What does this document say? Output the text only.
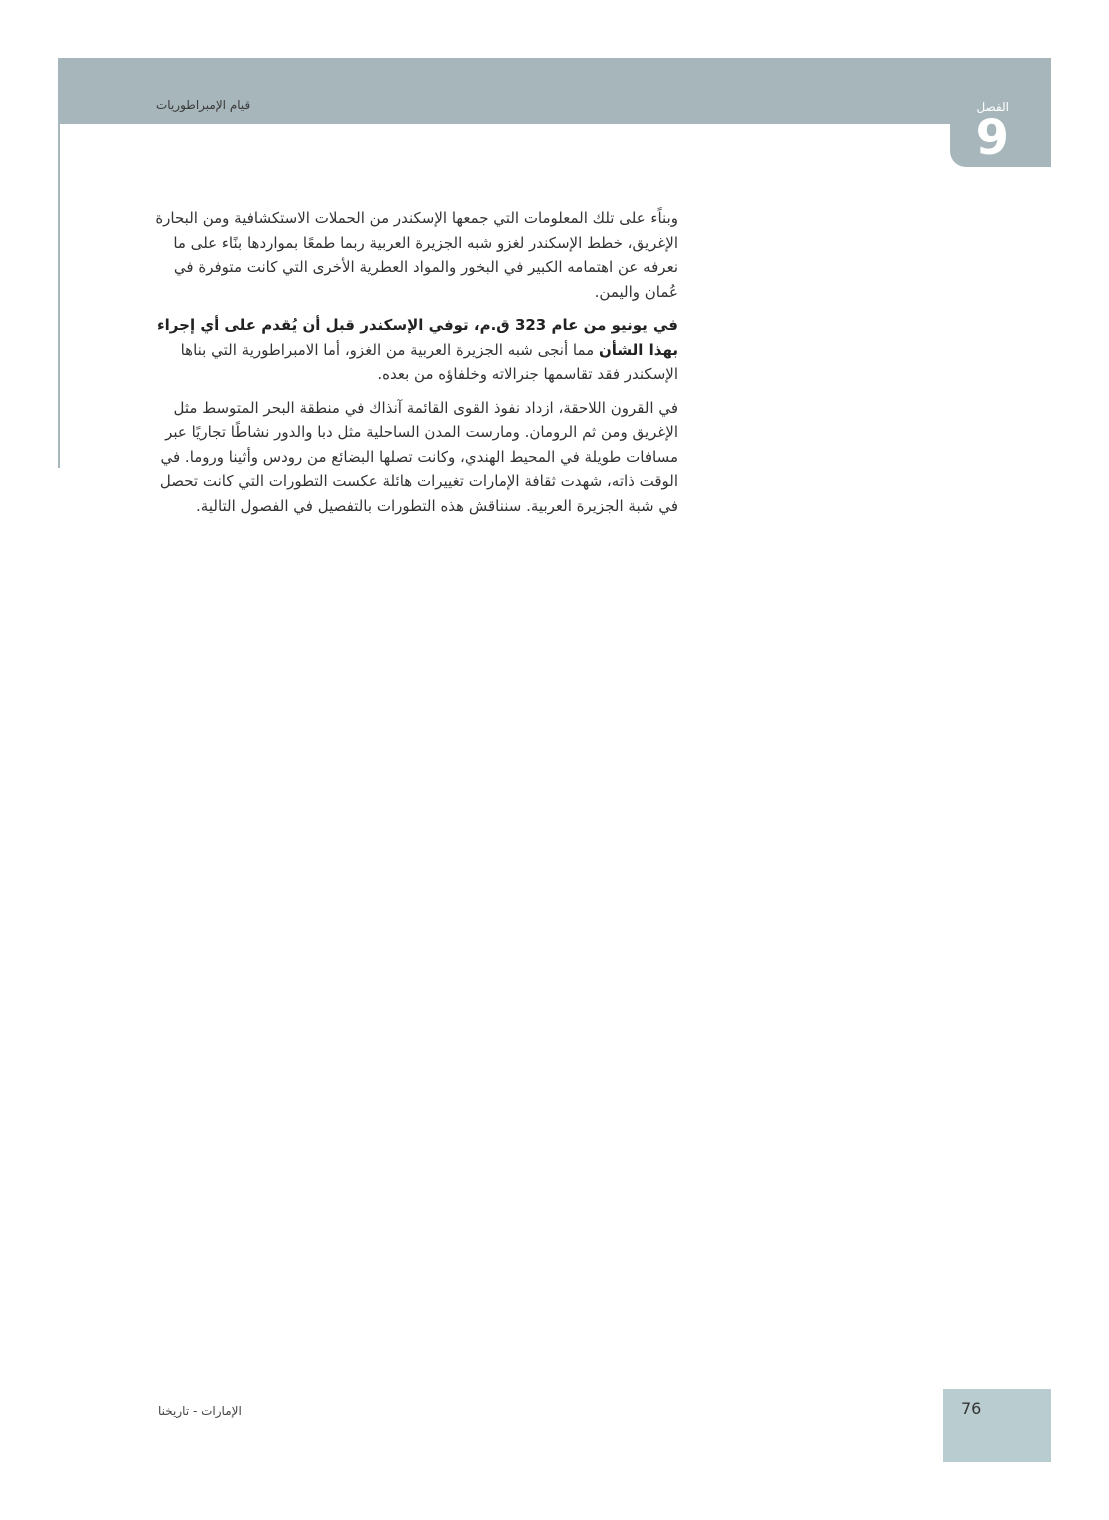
قيام الإمبراطوريات	الفصل
9

وبناًء على تلك المعلومات التي جمعها الإسكندر من الحملات الاستكشافية ومن البحارة الإغريق، خطط الإسكندر لغزو شبه الجزيرة العربية ربما طمعًا بمواردها بنًاء على ما نعرفه عن اهتمامه الكبير في البخور والمواد العطرية الأخرى التي كانت متوفرة في عُمان واليمن.

في يونيو من عام 323 ق.م، توفي الإسكندر قبل أن يُقدم على أي إجراء بهذا الشأن مما أنجى شبه الجزيرة العربية من الغزو، أما الامبراطورية التي بناها الإسكندر فقد تقاسمها جنرالاته وخلفاؤه من بعده.

في القرون اللاحقة، ازداد نفوذ القوى القائمة آنذاك في منطقة البحر المتوسط مثل الإغريق ومن ثم الرومان. ومارست المدن الساحلية مثل دبا والدور نشاطًا تجاريًا عبر مسافات طويلة في المحيط الهندي، وكانت تصلها البضائع من رودس وأثينا وروما. في الوقت ذاته، شهدت ثقافة الإمارات تغييرات هائلة عكست التطورات التي كانت تحصل في شبة الجزيرة العربية. سنناقش هذه التطورات بالتفصيل في الفصول التالية.

الإمارات - تاريخنا	76
